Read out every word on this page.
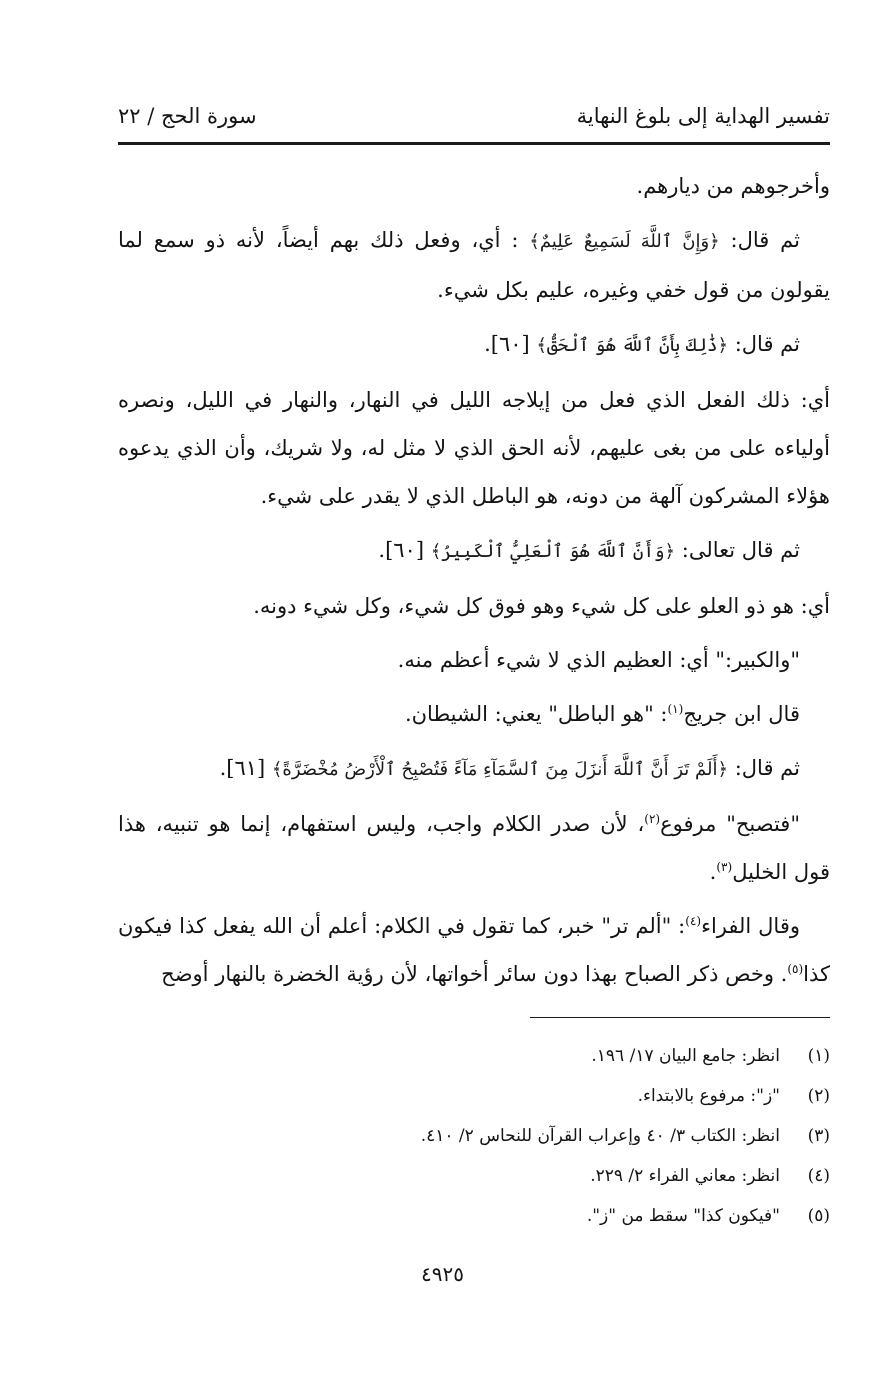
تفسير الهداية إلى بلوغ النهاية
سورة الحج / ٢٢

وأخرجوهم من ديارهم.

ثم قال: ﴿وَإِنَّ ٱللَّهَ لَسَمِيعٌ عَلِيمٌ﴾ : أي، وفعل ذلك بهم أيضاً، لأنه ذو سمع لما يقولون من قول خفي وغيره، عليم بكل شيء.

ثم قال: ﴿ذَٰلِكَ بِأَنَّ ٱللَّهَ هُوَ ٱلْحَقُّ﴾ [٦٠].

أي: ذلك الفعل الذي فعل من إيلاجه الليل في النهار، والنهار في الليل، ونصره أولياءه على من بغى عليهم، لأنه الحق الذي لا مثل له، ولا شريك، وأن الذي يدعوه هؤلاء المشركون آلهة من دونه، هو الباطل الذي لا يقدر على شيء.

ثم قال تعالى: ﴿وَأَنَّ ٱللَّهَ هُوَ ٱلْعَلِيُّ ٱلْكَبِيرُ﴾ [٦٠].

أي: هو ذو العلو على كل شيء وهو فوق كل شيء، وكل شيء دونه.

"والكبير:" أي: العظيم الذي لا شيء أعظم منه.

قال ابن جريج$^{(١)}$: "هو الباطل" يعني: الشيطان.

ثم قال: ﴿أَلَمْ تَرَ أَنَّ ٱللَّهَ أَنزَلَ مِنَ ٱلسَّمَآءِ مَآءً فَتُصْبِحُ ٱلْأَرْضُ مُخْضَرَّةً﴾ [٦١].

"فتصبح" مرفوع$^{(٢)}$، لأن صدر الكلام واجب، وليس استفهام، إنما هو تنبيه، هذا قول الخليل$^{(٣)}$.

وقال الفراء$^{(٤)}$: "ألم تر" خبر، كما تقول في الكلام: أعلم أن الله يفعل كذا فيكون كذا$^{(٥)}$. وخص ذكر الصباح بهذا دون سائر أخواتها، لأن رؤية الخضرة بالنهار أوضح

(١)
انظر: جامع البيان ١٧/ ١٩٦.
(٢)
"ز": مرفوع بالابتداء.
(٣)
انظر: الكتاب ٣/ ٤٠ وإعراب القرآن للنحاس ٢/ ٤١٠.
(٤)
انظر: معاني الفراء ٢/ ٢٢٩.
(٥)
"فيكون كذا" سقط من "ز".
٤٩٢٥
